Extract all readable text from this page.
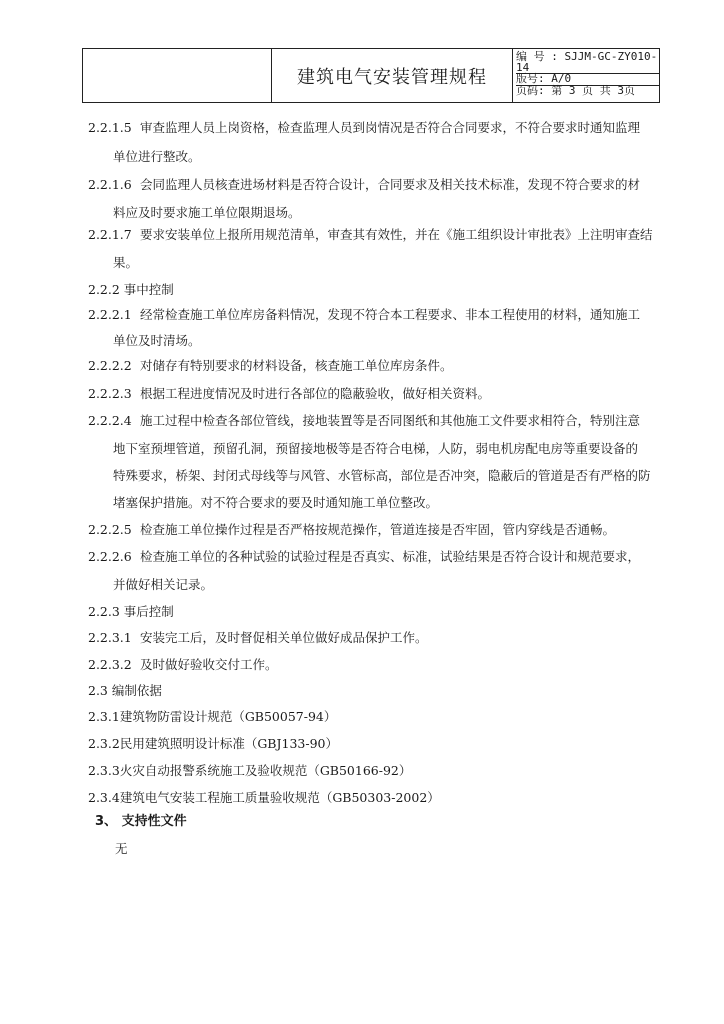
建筑电气安装管理规程
编 号 : SJJM-GC-ZY010-
14
版号: A/0
页码: 第 3 页 共 3页
2.2.1.5 审查监理人员上岗资格，检查监理人员到岗情况是否符合合同要求，不符合要求时通知监理
单位进行整改。
2.2.1.6 会同监理人员核查进场材料是否符合设计，合同要求及相关技术标准，发现不符合要求的材
料应及时要求施工单位限期退场。
2.2.1.7 要求安装单位上报所用规范清单，审查其有效性，并在《施工组织设计审批表》上注明审查结
果。
2.2.2 事中控制
2.2.2.1 经常检查施工单位库房备料情况，发现不符合本工程要求、非本工程使用的材料，通知施工
单位及时清场。
2.2.2.2 对储存有特别要求的材料设备，核查施工单位库房条件。
2.2.2.3 根据工程进度情况及时进行各部位的隐蔽验收，做好相关资料。
2.2.2.4 施工过程中检查各部位管线，接地装置等是否同图纸和其他施工文件要求相符合，特别注意
地下室预埋管道，预留孔洞，预留接地极等是否符合电梯，人防，弱电机房配电房等重要设备的
特殊要求，桥架、封闭式母线等与风管、水管标高，部位是否冲突，隐蔽后的管道是否有严格的防
堵塞保护措施。对不符合要求的要及时通知施工单位整改。
2.2.2.5 检查施工单位操作过程是否严格按规范操作，管道连接是否牢固，管内穿线是否通畅。
2.2.2.6 检查施工单位的各种试验的试验过程是否真实、标准，试验结果是否符合设计和规范要求，
并做好相关记录。
2.2.3 事后控制
2.2.3.1 安装完工后，及时督促相关单位做好成品保护工作。
2.2.3.2 及时做好验收交付工作。
2.3 编制依据
2.3.1建筑物防雷设计规范（GB50057-94）
2.3.2民用建筑照明设计标准（GBJ133-90）
2.3.3火灾自动报警系统施工及验收规范（GB50166-92）
2.3.4建筑电气安装工程施工质量验收规范（GB50303-2002）
3、 支持性文件
无
